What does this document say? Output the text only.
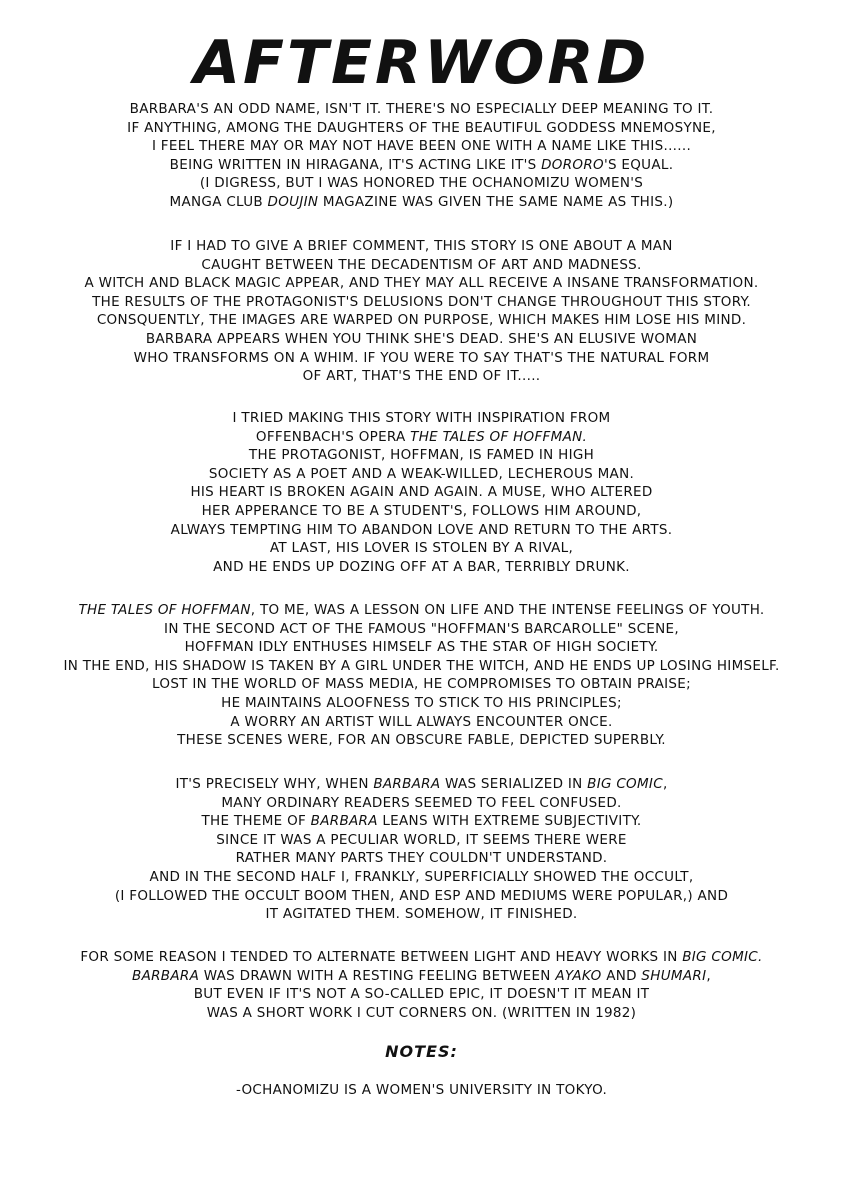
AFTERWORD
BARBARA'S AN ODD NAME, ISN'T IT. THERE'S NO ESPECIALLY DEEP MEANING TO IT.
IF ANYTHING, AMONG THE DAUGHTERS OF THE BEAUTIFUL GODDESS MNEMOSYNE,
I FEEL THERE MAY OR MAY NOT HAVE BEEN ONE WITH A NAME LIKE THIS......
BEING WRITTEN IN HIRAGANA, IT'S ACTING LIKE IT'S DORORO'S EQUAL.
(I DIGRESS, BUT I WAS HONORED THE OCHANOMIZU WOMEN'S
MANGA CLUB DOUJIN MAGAZINE WAS GIVEN THE SAME NAME AS THIS.)
IF I HAD TO GIVE A BRIEF COMMENT, THIS STORY IS ONE ABOUT A MAN
CAUGHT BETWEEN THE DECADENTISM OF ART AND MADNESS.
A WITCH AND BLACK MAGIC APPEAR, AND THEY MAY ALL RECEIVE A INSANE TRANSFORMATION.
THE RESULTS OF THE PROTAGONIST'S DELUSIONS DON'T CHANGE THROUGHOUT THIS STORY.
CONSQUENTLY, THE IMAGES ARE WARPED ON PURPOSE, WHICH MAKES HIM LOSE HIS MIND.
BARBARA APPEARS WHEN YOU THINK SHE'S DEAD. SHE'S AN ELUSIVE WOMAN
WHO TRANSFORMS ON A WHIM. IF YOU WERE TO SAY THAT'S THE NATURAL FORM
OF ART, THAT'S THE END OF IT.....
I TRIED MAKING THIS STORY WITH INSPIRATION FROM
OFFENBACH'S OPERA THE TALES OF HOFFMAN.
THE PROTAGONIST, HOFFMAN, IS FAMED IN HIGH
SOCIETY AS A POET AND A WEAK-WILLED, LECHEROUS MAN.
HIS HEART IS BROKEN AGAIN AND AGAIN. A MUSE, WHO ALTERED
HER APPERANCE TO BE A STUDENT'S, FOLLOWS HIM AROUND,
ALWAYS TEMPTING HIM TO ABANDON LOVE AND RETURN TO THE ARTS.
AT LAST, HIS LOVER IS STOLEN BY A RIVAL,
AND HE ENDS UP DOZING OFF AT A BAR, TERRIBLY DRUNK.
THE TALES OF HOFFMAN, TO ME, WAS A LESSON ON LIFE AND THE INTENSE FEELINGS OF YOUTH.
IN THE SECOND ACT OF THE FAMOUS "HOFFMAN'S BARCAROLLE" SCENE,
HOFFMAN IDLY ENTHUSES HIMSELF AS THE STAR OF HIGH SOCIETY.
IN THE END, HIS SHADOW IS TAKEN BY A GIRL UNDER THE WITCH, AND HE ENDS UP LOSING HIMSELF.
LOST IN THE WORLD OF MASS MEDIA, HE COMPROMISES TO OBTAIN PRAISE;
HE MAINTAINS ALOOFNESS TO STICK TO HIS PRINCIPLES;
A WORRY AN ARTIST WILL ALWAYS ENCOUNTER ONCE.
THESE SCENES WERE, FOR AN OBSCURE FABLE, DEPICTED SUPERBLY.
IT'S PRECISELY WHY, WHEN BARBARA WAS SERIALIZED IN BIG COMIC,
MANY ORDINARY READERS SEEMED TO FEEL CONFUSED.
THE THEME OF BARBARA LEANS WITH EXTREME SUBJECTIVITY.
SINCE IT WAS A PECULIAR WORLD, IT SEEMS THERE WERE
RATHER MANY PARTS THEY COULDN'T UNDERSTAND.
AND IN THE SECOND HALF I, FRANKLY, SUPERFICIALLY SHOWED THE OCCULT,
(I FOLLOWED THE OCCULT BOOM THEN, AND ESP AND MEDIUMS WERE POPULAR,) AND
IT AGITATED THEM. SOMEHOW, IT FINISHED.
FOR SOME REASON I TENDED TO ALTERNATE BETWEEN LIGHT AND HEAVY WORKS IN BIG COMIC.
BARBARA WAS DRAWN WITH A RESTING FEELING BETWEEN AYAKO AND SHUMARI,
BUT EVEN IF IT'S NOT A SO-CALLED EPIC, IT DOESN'T IT MEAN IT
WAS A SHORT WORK I CUT CORNERS ON. (WRITTEN IN 1982)

NOTES:

-OCHANOMIZU IS A WOMEN'S UNIVERSITY IN TOKYO.
